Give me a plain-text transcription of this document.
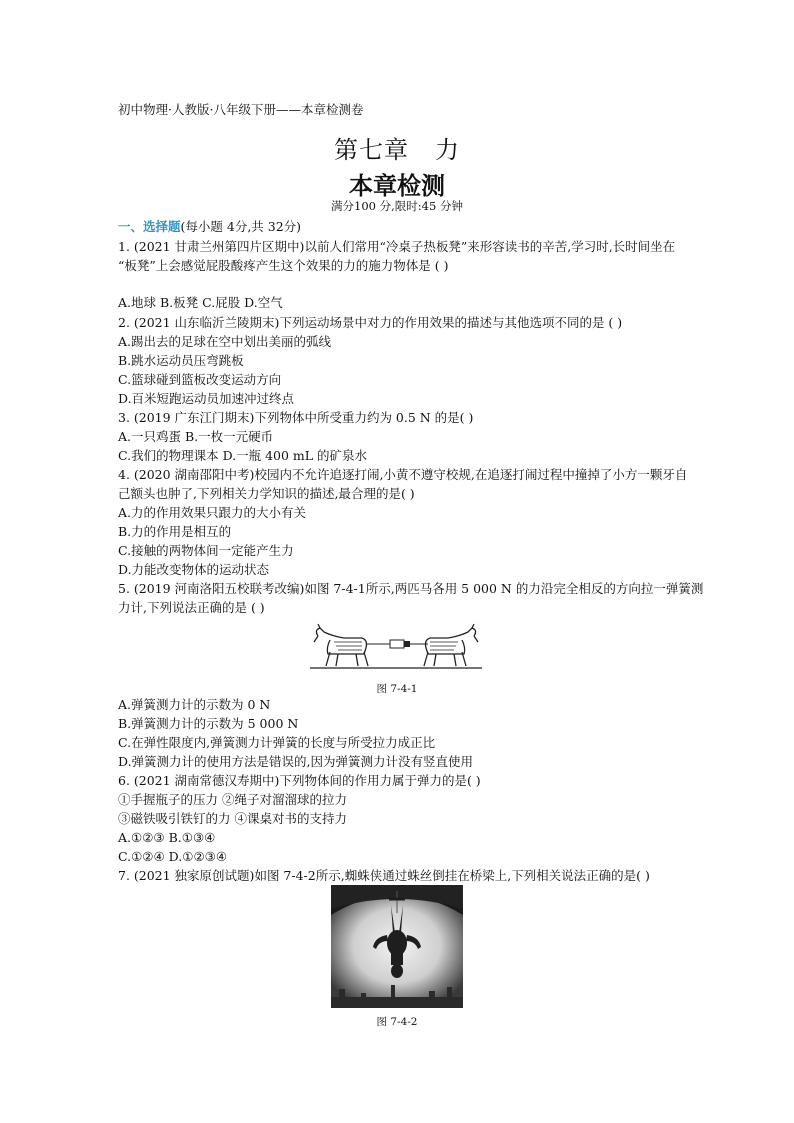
初中物理·人教版·八年级下册——本章检测卷
第七章 力
本章检测
满分100 分,限时:45 分钟
一、选择题(每小题 4分,共 32分)
1. (2021 甘肃兰州第四片区期中)以前人们常用“冷桌子热板凳”来形容读书的辛苦,学习时,长时间坐在
“板凳”上会感觉屁股酸疼产生这个效果的力的施力物体是 ( )
A.地球 B.板凳 C.屁股 D.空气
2. (2021 山东临沂兰陵期末)下列运动场景中对力的作用效果的描述与其他选项不同的是 ( )
A.踢出去的足球在空中划出美丽的弧线
B.跳水运动员压弯跳板
C.篮球碰到篮板改变运动方向
D.百米短跑运动员加速冲过终点
3. (2019 广东江门期末)下列物体中所受重力约为 0.5 N 的是( )
A.一只鸡蛋 B.一枚一元硬币
C.我们的物理课本 D.一瓶 400 mL 的矿泉水
4. (2020 湖南邵阳中考)校园内不允许追逐打闹,小黄不遵守校规,在追逐打闹过程中撞掉了小方一颗牙自
己额头也肿了,下列相关力学知识的描述,最合理的是( )
A.力的作用效果只跟力的大小有关
B.力的作用是相互的
C.接触的两物体间一定能产生力
D.力能改变物体的运动状态
5. (2019 河南洛阳五校联考改编)如图 7-4-1所示,两匹马各用 5 000 N 的力沿完全相反的方向拉一弹簧测
力计,下列说法正确的是 ( )
图 7-4-1
A.弹簧测力计的示数为 0 N
B.弹簧测力计的示数为 5 000 N
C.在弹性限度内,弹簧测力计弹簧的长度与所受拉力成正比
D.弹簧测力计的使用方法是错误的,因为弹簧测力计没有竖直使用
6. (2021 湖南常德汉寿期中)下列物体间的作用力属于弹力的是( )
①手握瓶子的压力 ②绳子对溜溜球的拉力
③磁铁吸引铁钉的力 ④课桌对书的支持力
A.①②③ B.①③④
C.①②④ D.①②③④
7. (2021 独家原创试题)如图 7-4-2所示,蜘蛛侠通过蛛丝倒挂在桥梁上,下列相关说法正确的是( )
图 7-4-2
